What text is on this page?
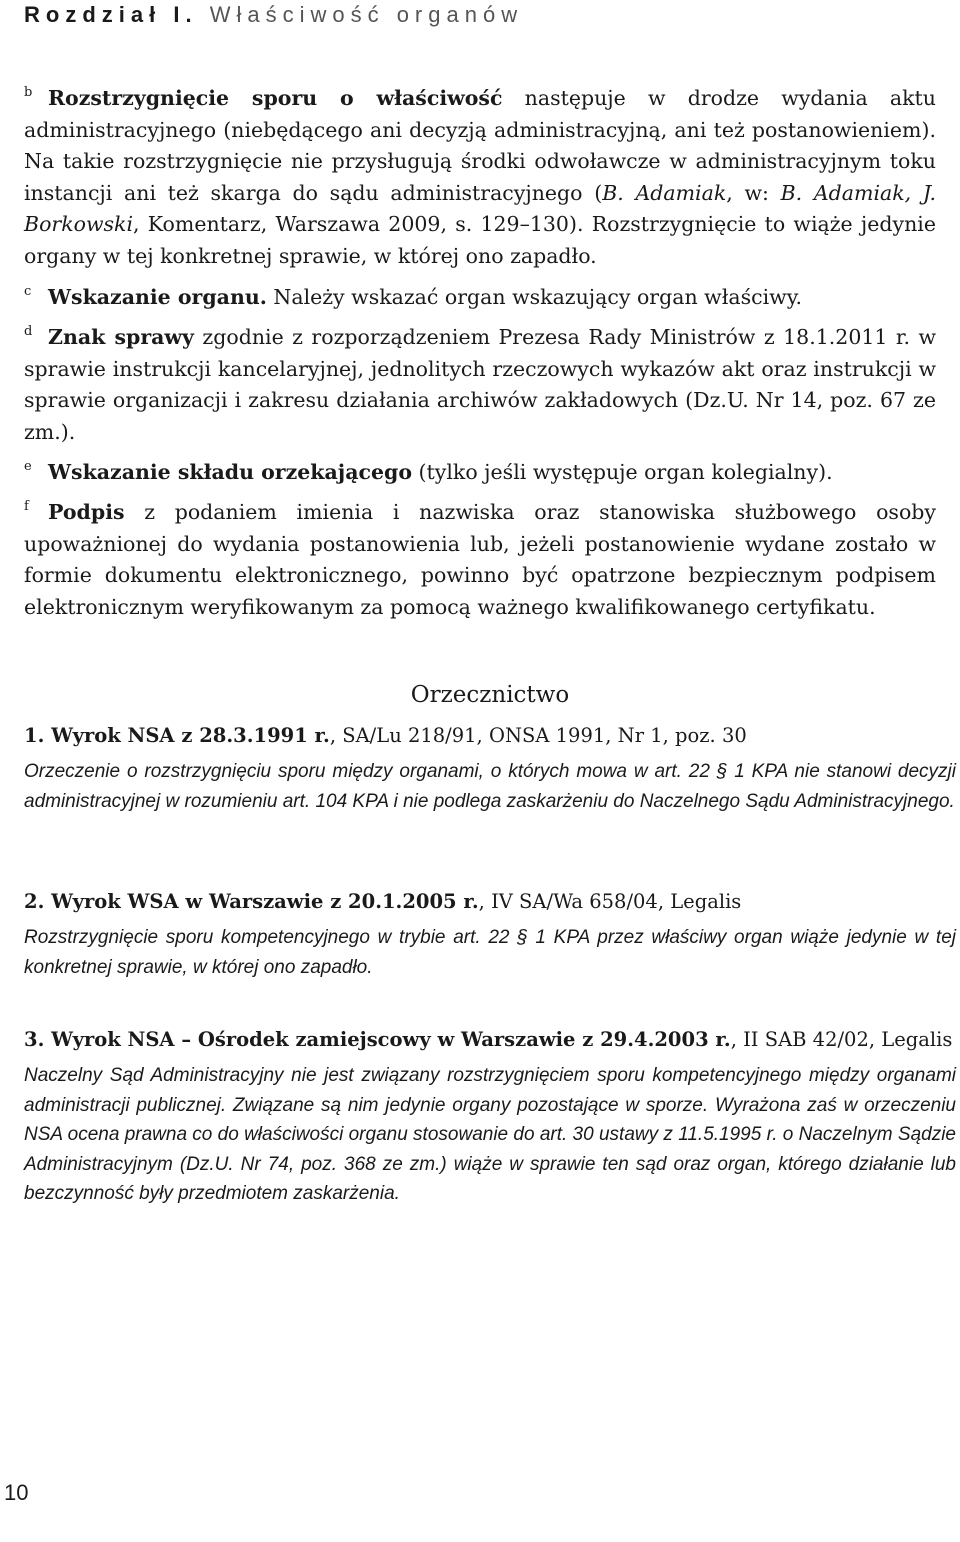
Rozdział I. Właściwość organów
b Rozstrzygnięcie sporu o właściwość następuje w drodze wydania aktu administracyjnego (niebędącego ani decyzją administracyjną, ani też postanowieniem). Na takie rozstrzygnięcie nie przysługują środki odwoławcze w administracyjnym toku instancji ani też skarga do sądu administracyjnego (B. Adamiak, w: B. Adamiak, J. Borkowski, Komentarz, Warszawa 2009, s. 129–130). Rozstrzygnięcie to wiąże jedynie organy w tej konkretnej sprawie, w której ono zapadło.

c Wskazanie organu. Należy wskazać organ wskazujący organ właściwy.

d Znak sprawy zgodnie z rozporządzeniem Prezesa Rady Ministrów z 18.1.2011 r. w sprawie instrukcji kancelaryjnej, jednolitych rzeczowych wykazów akt oraz instrukcji w sprawie organizacji i zakresu działania archiwów zakładowych (Dz.U. Nr 14, poz. 67 ze zm.).

e Wskazanie składu orzekającego (tylko jeśli występuje organ kolegialny).

f Podpis z podaniem imienia i nazwiska oraz stanowiska służbowego osoby upoważnionej do wydania postanowienia lub, jeżeli postanowienie wydane zostało w formie dokumentu elektronicznego, powinno być opatrzone bezpiecznym podpisem elektronicznym weryfikowanym za pomocą ważnego kwalifikowanego certyfikatu.

Orzecznictwo
1. Wyrok NSA z 28.3.1991 r., SA/Lu 218/91, ONSA 1991, Nr 1, poz. 30
Orzeczenie o rozstrzygnięciu sporu między organami, o których mowa w art. 22 § 1 KPA nie stanowi decyzji administracyjnej w rozumieniu art. 104 KPA i nie podlega zaskarżeniu do Naczelnego Sądu Administracyjnego.
2. Wyrok WSA w Warszawie z 20.1.2005 r., IV SA/Wa 658/04, Legalis
Rozstrzygnięcie sporu kompetencyjnego w trybie art. 22 § 1 KPA przez właściwy organ wiąże jedynie w tej konkretnej sprawie, w której ono zapadło.
3. Wyrok NSA – Ośrodek zamiejscowy w Warszawie z 29.4.2003 r., II SAB 42/02, Legalis
Naczelny Sąd Administracyjny nie jest związany rozstrzygnięciem sporu kompetencyjnego między organami administracji publicznej. Związane są nim jedynie organy pozostające w sporze. Wyrażona zaś w orzeczeniu NSA ocena prawna co do właściwości organu stosowanie do art. 30 ustawy z 11.5.1995 r. o Naczelnym Sądzie Administracyjnym (Dz.U. Nr 74, poz. 368 ze zm.) wiąże w sprawie ten sąd oraz organ, którego działanie lub bezczynność były przedmiotem zaskarżenia.
10
